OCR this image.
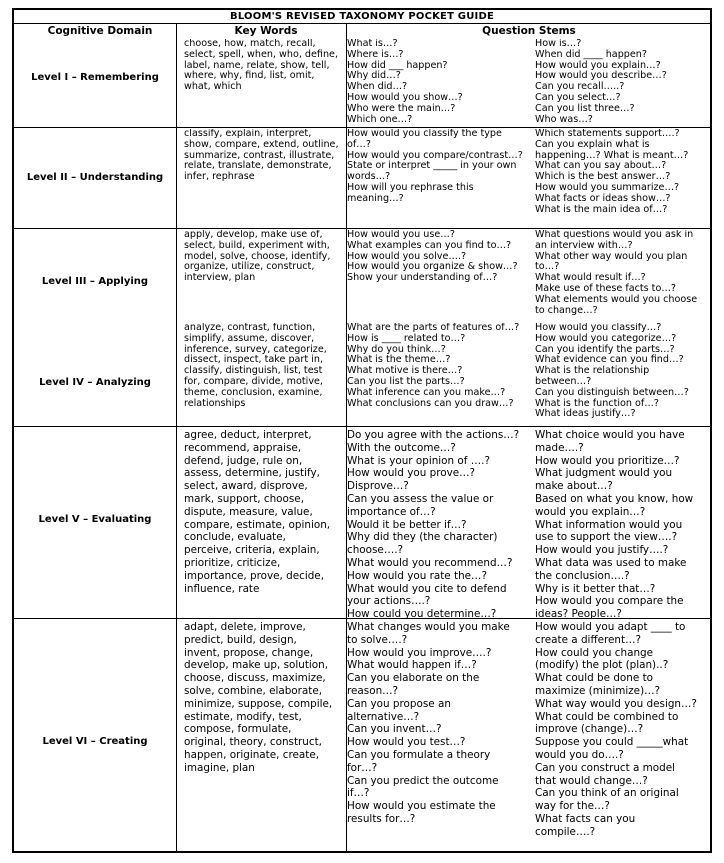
BLOOM'S REVISED TAXONOMY POCKET GUIDE
Cognitive Domain	Key Words	Question Stems
Level I – Remembering
choose, how, match, recall,
select, spell, when, who, define,
label, name, relate, show, tell,
where, why, find, list, omit,
what, which
What is…?
Where is…?
How did ___ happen?
Why did…?
When did…?
How would you show…?
Who were the main…?
Which one…?
How is…?
When did ____ happen?
How would you explain…?
How would you describe…?
Can you recall…..?
Can you select…?
Can you list three…?
Who was…?
Level II – Understanding
classify, explain, interpret,
show, compare, extend, outline,
summarize, contrast, illustrate,
relate, translate, demonstrate,
infer, rephrase
How would you classify the type of…?
How would you compare/contrast…?
State or interpret _____ in your own
words…?
How will you rephrase this
meaning…?
Which statements support….?
Can you explain what is
happening…? What is meant…?
What can you say about…?
Which is the best answer…?
How would you summarize…?
What facts or ideas show…?
What is the main idea of…?
Level III – Applying
apply, develop, make use of,
select, build, experiment with,
model, solve, choose, identify,
organize, utilize, construct,
interview, plan
How would you use…?
What examples can you find to…?
How would you solve….?
How would you organize & show…?
Show your understanding of…?
What questions would you ask in
an interview with…?
What other way would you plan
to…?
What would result if…?
Make use of these facts to…?
What elements would you choose
to change…?
Level IV – Analyzing
analyze, contrast, function,
simplify, assume, discover,
inference, survey, categorize,
dissect, inspect, take part in,
classify, distinguish, list, test
for, compare, divide, motive,
theme, conclusion, examine,
relationships
What are the parts of features of…?
How is ____ related to…?
Why do you think…?
What is the theme…?
What motive is there…?
Can you list the parts…?
What inference can you make…?
What conclusions can you draw…?
How would you classify…?
How would you categorize…?
Can you identify the parts…?
What evidence can you find…?
What is the relationship
between…?
Can you distinguish between…?
What is the function of…?
What ideas justify…?
Level V – Evaluating
agree, deduct, interpret,
recommend, appraise,
defend, judge, rule on,
assess, determine, justify,
select, award, disprove,
mark, support, choose,
dispute, measure, value,
compare, estimate, opinion,
conclude, evaluate,
perceive, criteria, explain,
prioritize, criticize,
importance, prove, decide,
influence, rate
Do you agree with the actions…?
With the outcome…?
What is your opinion of ….?
How would you prove…?
Disprove…?
Can you assess the value or
importance of…?
Would it be better if…?
Why did they (the character)
choose….?
What would you recommend…?
How would you rate the…?
What would you cite to defend
your actions….?
How could you determine…?
What choice would you have
made….?
How would you prioritize…?
What judgment would you
make about…?
Based on what you know, how
would you explain…?
What information would you
use to support the view….?
How would you justify….?
What data was used to make
the conclusion….?
Why is it better that…?
How would you compare the
ideas? People…?
Level VI – Creating
adapt, delete, improve,
predict, build, design,
invent, propose, change,
develop, make up, solution,
choose, discuss, maximize,
solve, combine, elaborate,
minimize, suppose, compile,
estimate, modify, test,
compose, formulate,
original, theory, construct,
happen, originate, create,
imagine, plan
What changes would you make
to solve….?
How would you improve….?
What would happen if…?
Can you elaborate on the
reason…?
Can you propose an
alternative…?
Can you invent…?
How would you test…?
Can you formulate a theory
for…?
Can you predict the outcome
if…?
How would you estimate the
results for…?
How would you adapt ____ to
create a different…?
How could you change
(modify) the plot (plan)..?
What could be done to
maximize (minimize)…?
What way would you design…?
What could be combined to
improve (change)…?
Suppose you could _____what
would you do….?
Can you construct a model
that would change…?
Can you think of an original
way for the…?
What facts can you
compile….?
